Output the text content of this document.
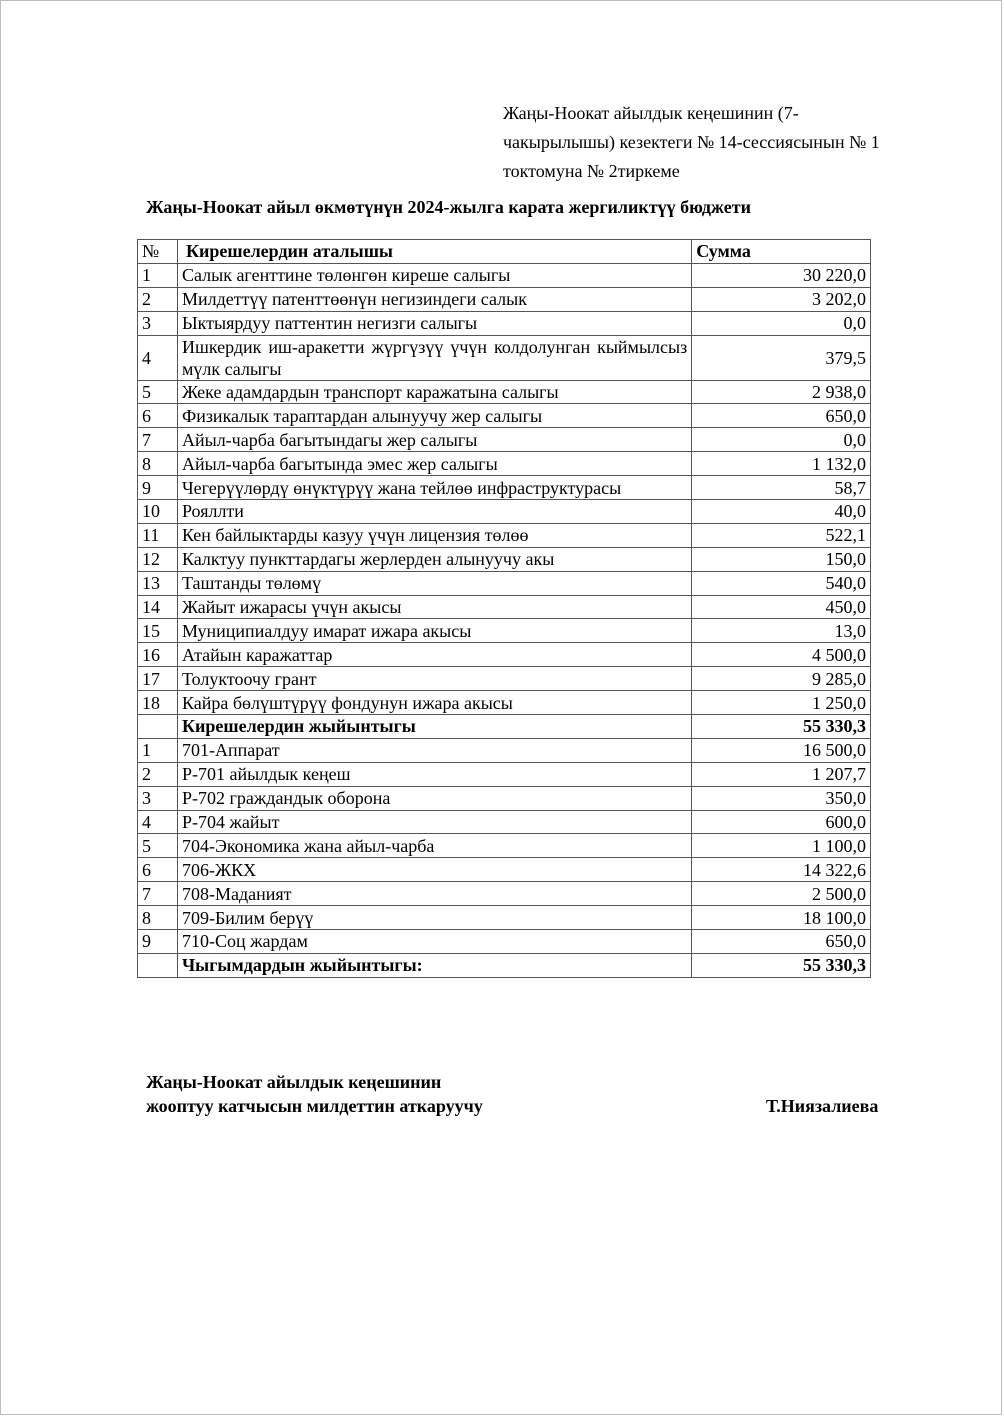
Жаңы-Ноокат айылдык кеңешинин (7-
чакырылышы) кезектеги № 14-сессиясынын № 1
токтомуна № 2тиркеме
Жаңы-Ноокат айыл өкмөтүнүн 2024-жылга карата жергиликтүү бюджети
№	Кирешелердин аталышы	Сумма
1	Салык агенттине төлөнгөн киреше салыгы	30 220,0
2	Милдеттүү патенттөөнүн негизиндеги салык	3 202,0
3	Ыктыярдуу паттентин негизги салыгы	0,0
4	Ишкердик иш-аракетти жүргүзүү үчүн колдолунган кыймылсыз мүлк салыгы	379,5
5	Жеке адамдардын транспорт каражатына салыгы	2 938,0
6	Физикалык тараптардан алынуучу жер салыгы	650,0
7	Айыл-чарба багытындагы жер салыгы	0,0
8	Айыл-чарба багытында эмес жер салыгы	1 132,0
9	Чегерүүлөрдү өнүктүрүү жана тейлөө инфраструктурасы	58,7
10	Рояллти	40,0
11	Кен байлыктарды казуу үчүн лицензия төлөө	522,1
12	Калктуу пункттардагы жерлерден алынуучу акы	150,0
13	Таштанды төлөмү	540,0
14	Жайыт ижарасы үчүн акысы	450,0
15	Муниципиалдуу имарат ижара акысы	13,0
16	Атайын каражаттар	4 500,0
17	Толуктоочу грант	9 285,0
18	Кайра бөлүштүрүү фондунун ижара акысы	1 250,0
	Кирешелердин жыйынтыгы	55 330,3
1	701-Аппарат	16 500,0
2	Р-701 айылдык кеңеш	1 207,7
3	Р-702 граждандык оборона	350,0
4	Р-704 жайыт	600,0
5	704-Экономика жана айыл-чарба	1 100,0
6	706-ЖКХ	14 322,6
7	708-Маданият	2 500,0
8	709-Билим берүү	18 100,0
9	710-Соц жардам	650,0
	Чыгымдардын жыйынтыгы:	55 330,3
Жаңы-Ноокат айылдык кеңешинин
жооптуу катчысын милдеттин аткаруучу	Т.Ниязалиева
